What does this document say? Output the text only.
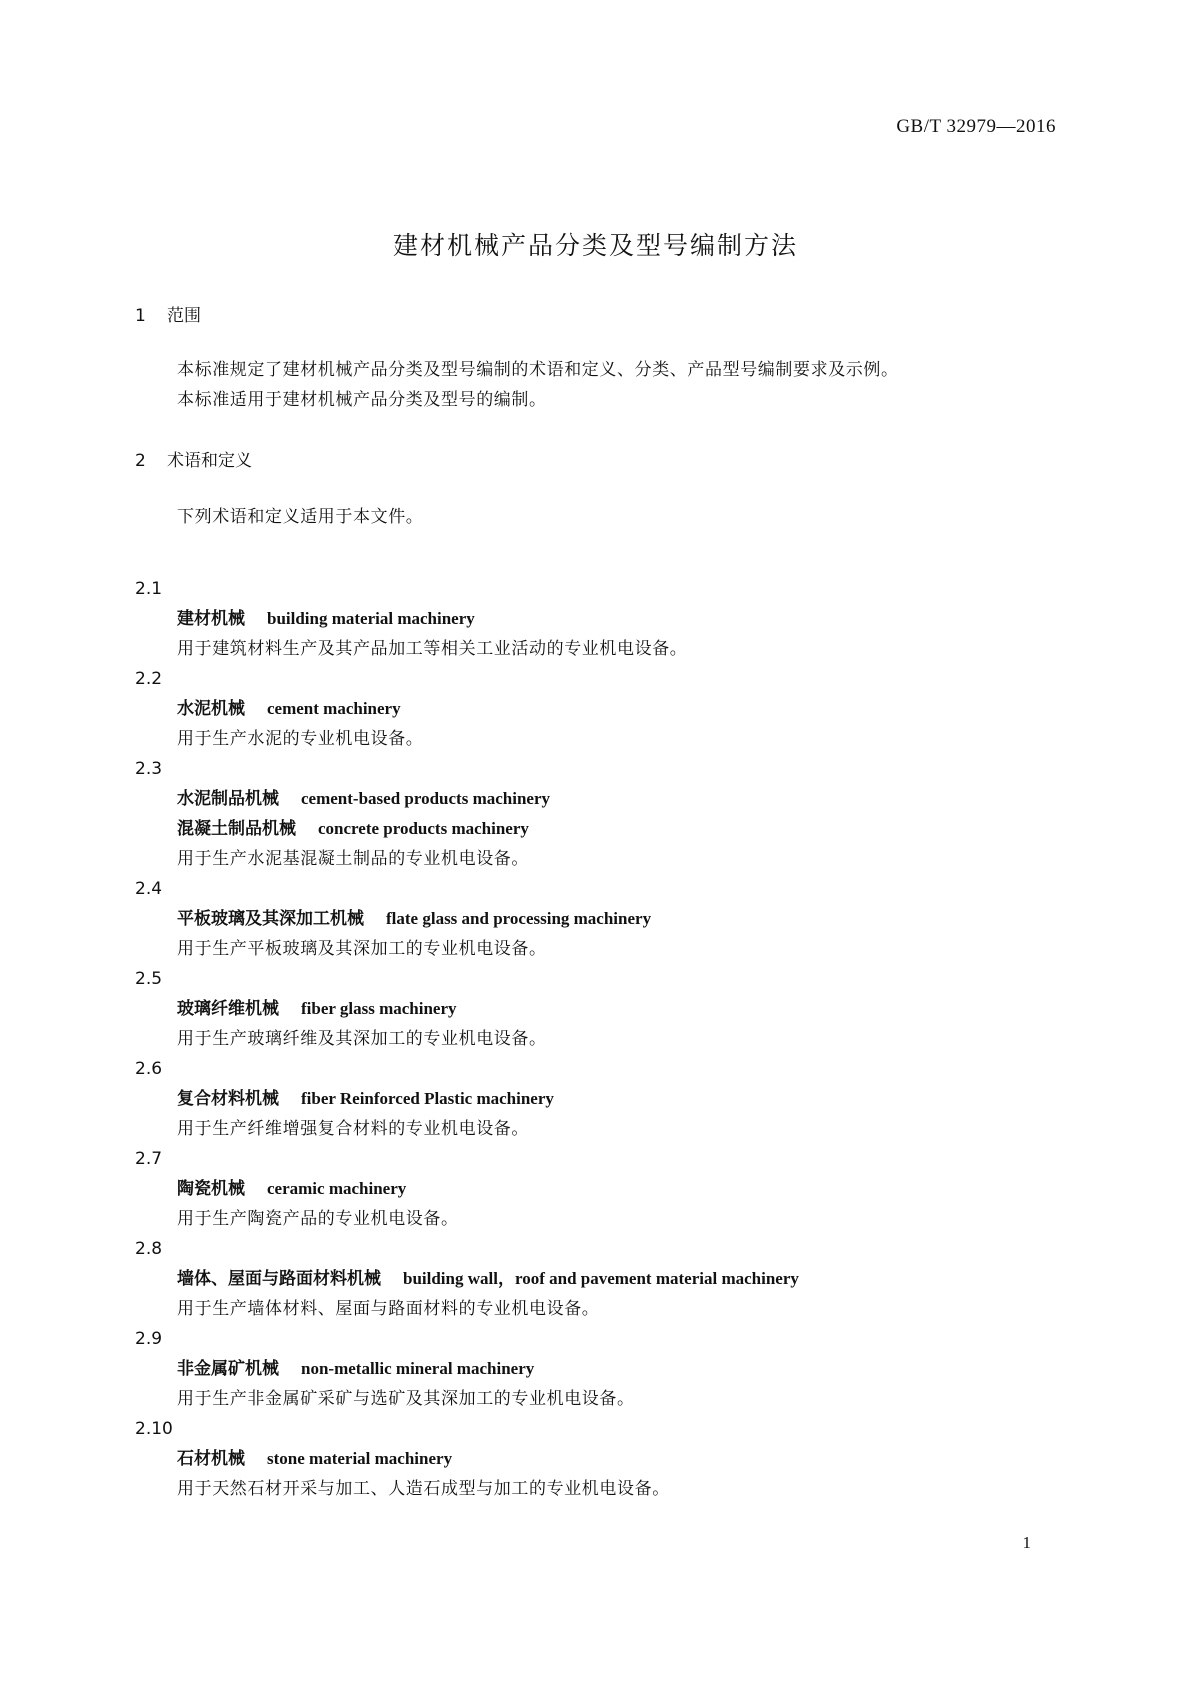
GB/T 32979—2016
建材机械产品分类及型号编制方法
1 范围
本标准规定了建材机械产品分类及型号编制的术语和定义、分类、产品型号编制要求及示例。
本标准适用于建材机械产品分类及型号的编制。
2 术语和定义
下列术语和定义适用于本文件。
2.1
建材机械 building material machinery
用于建筑材料生产及其产品加工等相关工业活动的专业机电设备。
2.2
水泥机械 cement machinery
用于生产水泥的专业机电设备。
2.3
水泥制品机械 cement-based products machinery
混凝土制品机械 concrete products machinery
用于生产水泥基混凝土制品的专业机电设备。
2.4
平板玻璃及其深加工机械 flate glass and processing machinery
用于生产平板玻璃及其深加工的专业机电设备。
2.5
玻璃纤维机械 fiber glass machinery
用于生产玻璃纤维及其深加工的专业机电设备。
2.6
复合材料机械 fiber Reinforced Plastic machinery
用于生产纤维增强复合材料的专业机电设备。
2.7
陶瓷机械 ceramic machinery
用于生产陶瓷产品的专业机电设备。
2.8
墙体、屋面与路面材料机械 building wall，roof and pavement material machinery
用于生产墙体材料、屋面与路面材料的专业机电设备。
2.9
非金属矿机械 non-metallic mineral machinery
用于生产非金属矿采矿与选矿及其深加工的专业机电设备。
2.10
石材机械 stone material machinery
用于天然石材开采与加工、人造石成型与加工的专业机电设备。
1
